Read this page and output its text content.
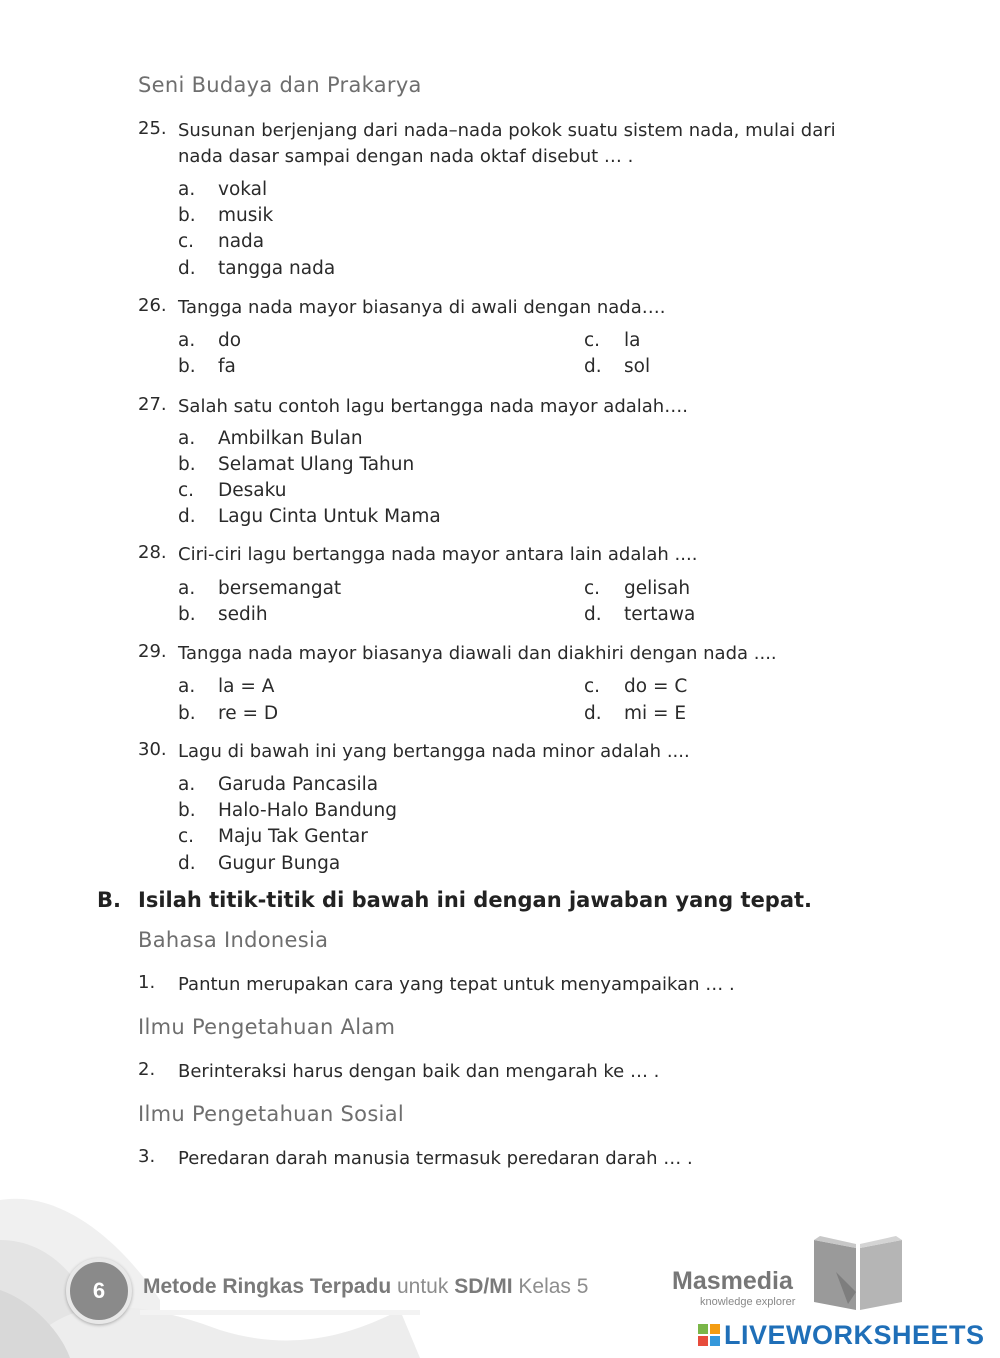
Seni Budaya dan Prakarya
25. Susunan berjenjang dari nada–nada pokok suatu sistem nada, mulai dari
nada dasar sampai dengan nada oktaf disebut … .
a. vokal
b. musik
c. nada
d. tangga nada
26. Tangga nada mayor biasanya di awali dengan nada….
a. do
b. fa
c. la
d. sol
27. Salah satu contoh lagu bertangga nada mayor adalah….
a. Ambilkan Bulan
b. Selamat Ulang Tahun
c. Desaku
d. Lagu Cinta Untuk Mama
28. Ciri-ciri lagu bertangga nada mayor antara lain adalah ....
a. bersemangat
b. sedih
c. gelisah
d. tertawa
29. Tangga nada mayor biasanya diawali dan diakhiri dengan nada ....
a. la = A
b. re = D
c. do = C
d. mi = E
30. Lagu di bawah ini yang bertangga nada minor adalah ....
a. Garuda Pancasila
b. Halo-Halo Bandung
c. Maju Tak Gentar
d. Gugur Bunga
B. Isilah titik-titik di bawah ini dengan jawaban yang tepat.
Bahasa Indonesia
1. Pantun merupakan cara yang tepat untuk menyampaikan … .
Ilmu Pengetahuan Alam
2. Berinteraksi harus dengan baik dan mengarah ke … .
Ilmu Pengetahuan Sosial
3. Peredaran darah manusia termasuk peredaran darah … .
6	Metode Ringkas Terpadu untuk SD/MI Kelas 5	Masmedia
knowledge explorer
LIVEWORKSHEETS
